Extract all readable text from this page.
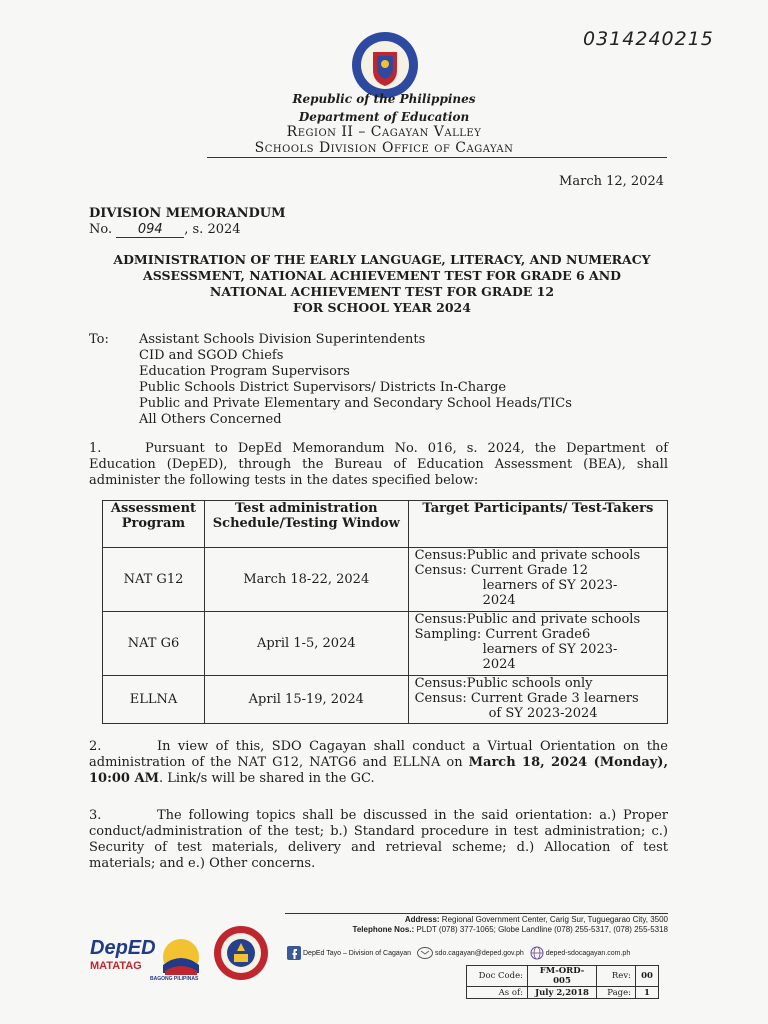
0314240215
Republic of the Philippines
Department of Education
Region II – Cagayan Valley
Schools Division Office of Cagayan
March 12, 2024
DIVISION MEMORANDUM
No. 094 , s. 2024
ADMINISTRATION OF THE EARLY LANGUAGE, LITERACY, AND NUMERACY
ASSESSMENT, NATIONAL ACHIEVEMENT TEST FOR GRADE 6 AND
NATIONAL ACHIEVEMENT TEST FOR GRADE 12
FOR SCHOOL YEAR 2024
To: Assistant Schools Division Superintendents
CID and SGOD Chiefs
Education Program Supervisors
Public Schools District Supervisors/ Districts In-Charge
Public and Private Elementary and Secondary School Heads/TICs
All Others Concerned
1.	Pursuant to DepEd Memorandum No. 016, s. 2024, the Department of Education (DepED), through the Bureau of Education Assessment (BEA), shall administer the following tests in the dates specified below:
Assessment Program	Test administration Schedule/Testing Window	Target Participants/ Test-Takers
NAT G12	March 18-22, 2024	Census:Public and private schools
Census: Current Grade 12
learners of SY 2023-
2024

NAT G6	April 1-5, 2024	Census:Public and private schools
Sampling: Current Grade6
learners of SY 2023-
2024

ELLNA	April 15-19, 2024	Census:Public schools only
Census: Current Grade 3 learners
of SY 2023-2024
2.	In view of this, SDO Cagayan shall conduct a Virtual Orientation on the administration of the NAT G12, NATG6 and ELLNA on March 18, 2024 (Monday), 10:00 AM. Link/s will be shared in the GC.
3.	The following topics shall be discussed in the said orientation: a.) Proper conduct/administration of the test; b.) Standard procedure in test administration; c.) Security of test materials, delivery and retrieval scheme; d.) Allocation of test materials; and e.) Other concerns.
Address: Regional Government Center, Carig Sur, Tuguegarao City, 3500
Telephone Nos.: PLDT (078) 377-1065; Globe Landline (078) 255-5317, (078) 255-5318
DepED
MATATAG
BAGONG PILIPINAS
DepEd Tayo – Division of Cagayan	sdo.cagayan@deped.gov.ph	deped-sdocagayan.com.ph
Doc Code:	FM-ORD-005	Rev:	00
As of:	July 2,2018	Page:	1
